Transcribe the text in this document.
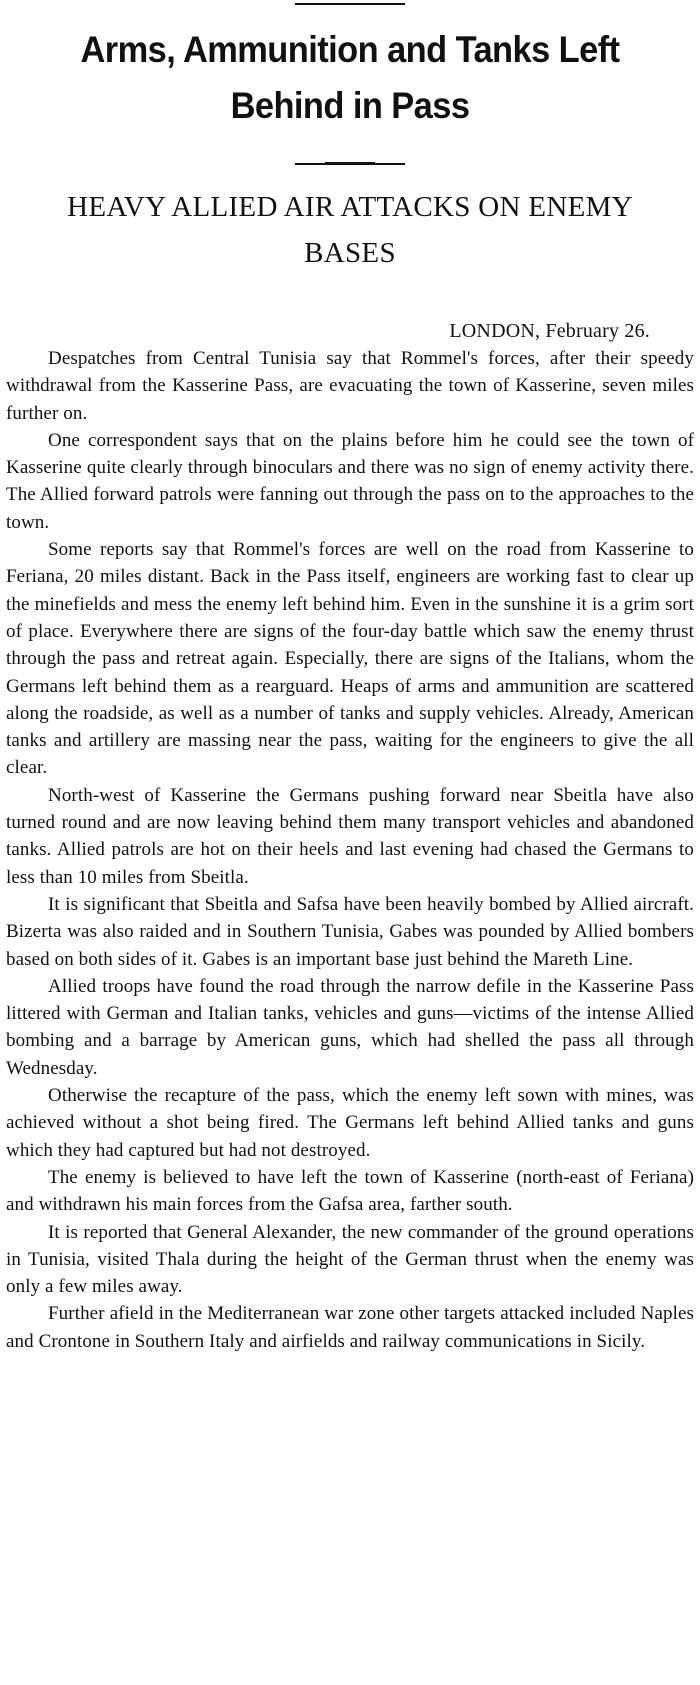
Arms, Ammunition and Tanks Left Behind in Pass
HEAVY ALLIED AIR ATTACKS ON ENEMY BASES
LONDON, February 26.

Despatches from Central Tunisia say that Rommel's forces, after their speedy withdrawal from the Kasserine Pass, are evacuating the town of Kasserine, seven miles further on.

One correspondent says that on the plains before him he could see the town of Kasserine quite clearly through binoculars and there was no sign of enemy activity there. The Allied forward patrols were fanning out through the pass on to the approaches to the town.

Some reports say that Rommel's forces are well on the road from Kasserine to Feriana, 20 miles distant. Back in the Pass itself, engineers are working fast to clear up the minefields and mess the enemy left behind him. Even in the sunshine it is a grim sort of place. Everywhere there are signs of the four-day battle which saw the enemy thrust through the pass and retreat again. Especially, there are signs of the Italians, whom the Germans left behind them as a rearguard. Heaps of arms and ammunition are scattered along the roadside, as well as a number of tanks and supply vehicles. Already, American tanks and artillery are massing near the pass, waiting for the engineers to give the all clear.

North-west of Kasserine the Germans pushing forward near Sbeitla have also turned round and are now leaving behind them many transport vehicles and abandoned tanks. Allied patrols are hot on their heels and last evening had chased the Germans to less than 10 miles from Sbeitla.

It is significant that Sbeitla and Safsa have been heavily bombed by Allied aircraft. Bizerta was also raided and in Southern Tunisia, Gabes was pounded by Allied bombers based on both sides of it. Gabes is an important base just behind the Mareth Line.

Allied troops have found the road through the narrow defile in the Kasserine Pass littered with German and Italian tanks, vehicles and guns—victims of the intense Allied bombing and a barrage by American guns, which had shelled the pass all through Wednesday.

Otherwise the recapture of the pass, which the enemy left sown with mines, was achieved without a shot being fired. The Germans left behind Allied tanks and guns which they had captured but had not destroyed.

The enemy is believed to have left the town of Kasserine (north-east of Feriana) and withdrawn his main forces from the Gafsa area, farther south.

It is reported that General Alexander, the new commander of the ground operations in Tunisia, visited Thala during the height of the German thrust when the enemy was only a few miles away.

Further afield in the Mediterranean war zone other targets attacked included Naples and Crontone in Southern Italy and airfields and railway communications in Sicily.
